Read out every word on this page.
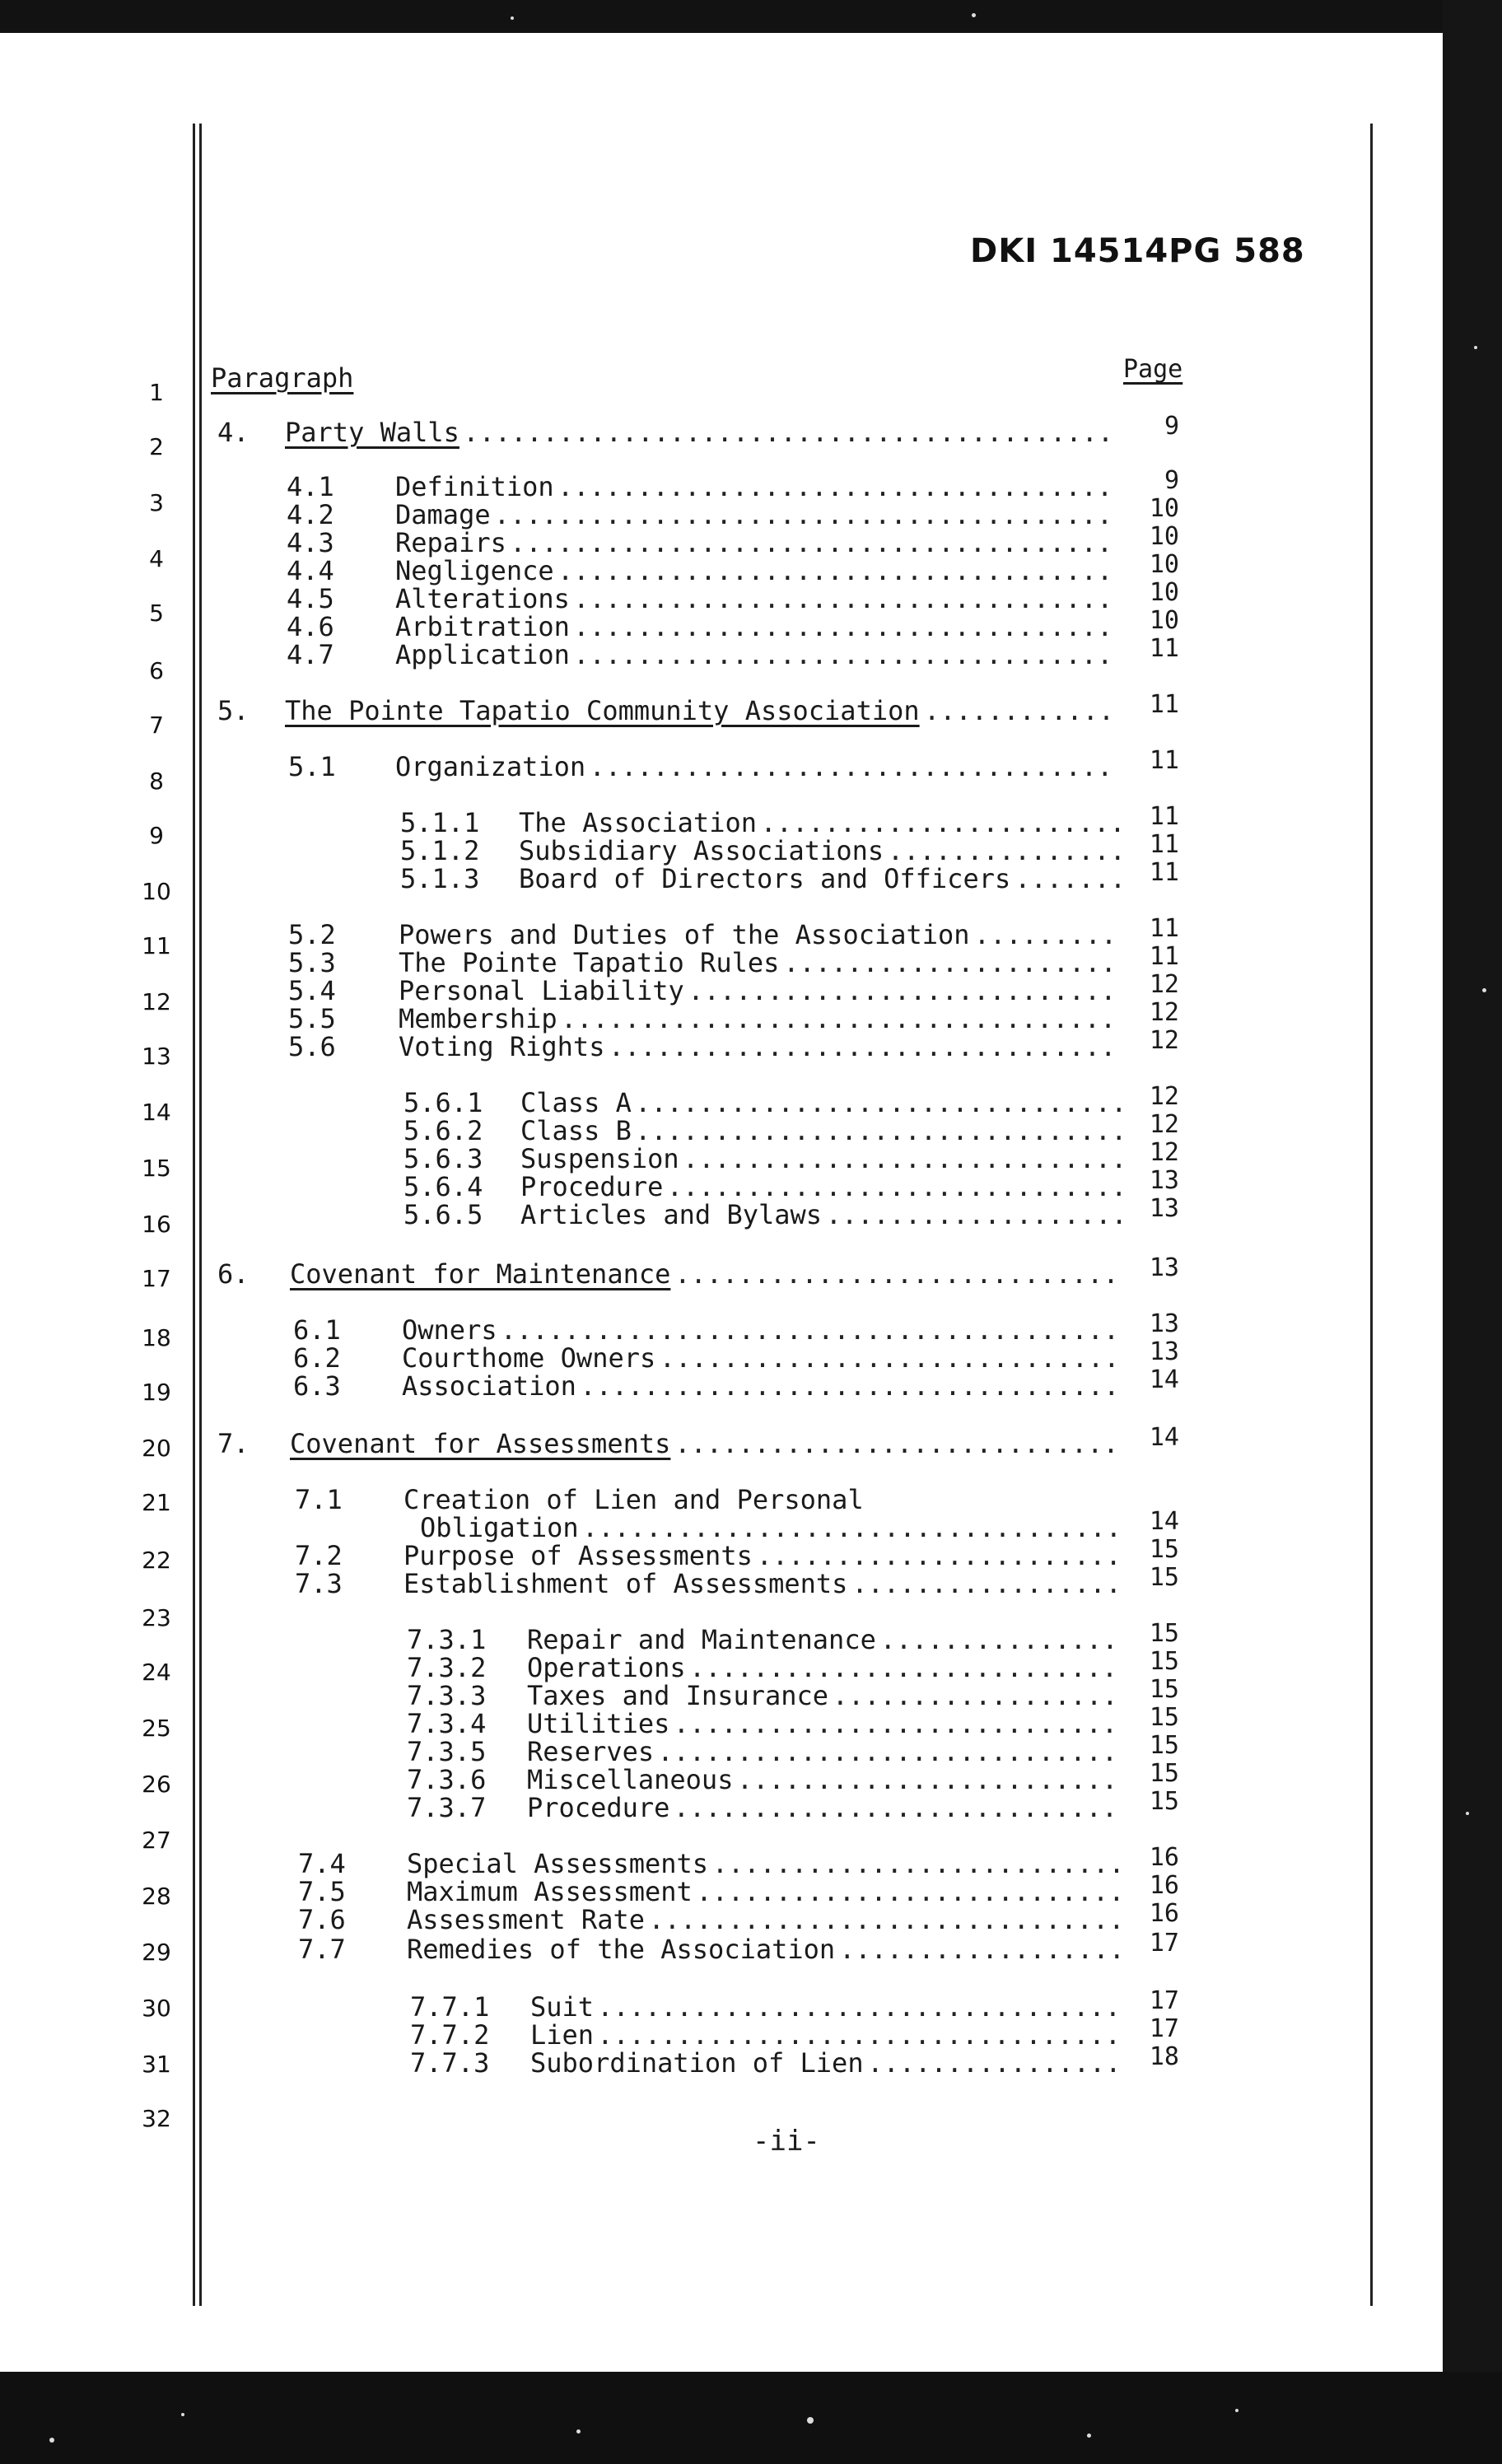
DKI 14514PG 588
1
2
3
4
5
6
7
8
9
10
11
12
13
14
15
16
17
18
19
20
21
22
23
24
25
26
27
28
29
30
31
32
Paragraph	Page
4. Party Walls .........................................	9
4.1 Definition ...................................	9
4.2 Damage .......................................	10
4.3 Repairs ......................................	10
4.4 Negligence ...................................	10
4.5 Alterations ..................................	10
4.6 Arbitration ..................................	10
4.7 Application ..................................	11
5. The Pointe Tapatio Community Association ............	11
5.1 Organization .................................	11
5.1.1 The Association ....................... 11
5.1.2 Subsidiary Associations ............... 11
5.1.3 Board of Directors and Officers ....... 11
5.2 Powers and Duties of the Association .........	11
5.3 The Pointe Tapatio Rules .....................	11
5.4 Personal Liability ...........................	12
5.5 Membership ...................................	12
5.6 Voting Rights ................................	12
5.6.1 Class A ............................... 12
5.6.2 Class B ............................... 12
5.6.3 Suspension ............................ 12
5.6.4 Procedure ............................. 13
5.6.5 Articles and Bylaws ................... 13
6. Covenant for Maintenance ............................	13
6.1 Owners .......................................	13
6.2 Courthome Owners .............................	13
6.3 Association ..................................	14
7. Covenant for Assessments ............................	14
7.1 Creation of Lien and Personal
Obligation ..................................	14
7.2 Purpose of Assessments .......................	15
7.3 Establishment of Assessments .................	15
7.3.1 Repair and Maintenance ...............	15
7.3.2 Operations ...........................	15
7.3.3 Taxes and Insurance ..................	15
7.3.4 Utilities ............................	15
7.3.5 Reserves .............................	15
7.3.6 Miscellaneous ........................	15
7.3.7 Procedure ............................	15
7.4 Special Assessments ..........................	16
7.5 Maximum Assessment ...........................	16
7.6 Assessment Rate ..............................	16
7.7 Remedies of the Association ..................	17
7.7.1 Suit .................................	17
7.7.2 Lien .................................	17
7.7.3 Subordination of Lien ................	18
-ii-
